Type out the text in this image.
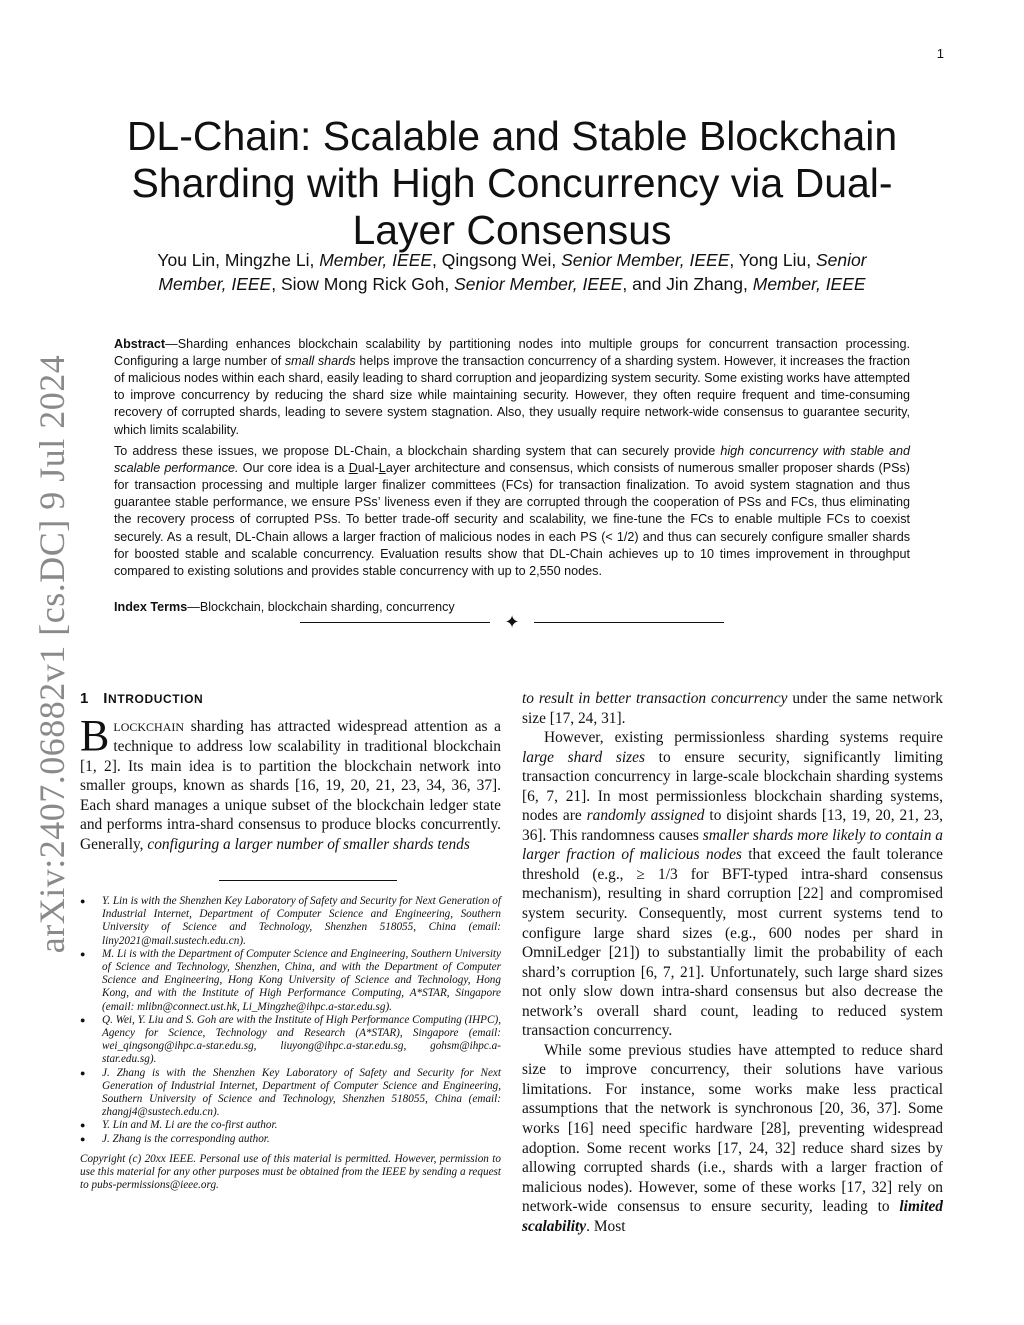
1
arXiv:2407.06882v1 [cs.DC] 9 Jul 2024
DL-Chain: Scalable and Stable Blockchain Sharding with High Concurrency via Dual-Layer Consensus
You Lin, Mingzhe Li, Member, IEEE, Qingsong Wei, Senior Member, IEEE, Yong Liu, Senior Member, IEEE, Siow Mong Rick Goh, Senior Member, IEEE, and Jin Zhang, Member, IEEE

Abstract—Sharding enhances blockchain scalability by partitioning nodes into multiple groups for concurrent transaction processing. Configuring a large number of small shards helps improve the transaction concurrency of a sharding system. However, it increases the fraction of malicious nodes within each shard, easily leading to shard corruption and jeopardizing system security. Some existing works have attempted to improve concurrency by reducing the shard size while maintaining security. However, they often require frequent and time-consuming recovery of corrupted shards, leading to severe system stagnation. Also, they usually require network-wide consensus to guarantee security, which limits scalability.

To address these issues, we propose DL-Chain, a blockchain sharding system that can securely provide high concurrency with stable and scalable performance. Our core idea is a Dual-Layer architecture and consensus, which consists of numerous smaller proposer shards (PSs) for transaction processing and multiple larger finalizer committees (FCs) for transaction finalization. To avoid system stagnation and thus guarantee stable performance, we ensure PSs’ liveness even if they are corrupted through the cooperation of PSs and FCs, thus eliminating the recovery process of corrupted PSs. To better trade-off security and scalability, we fine-tune the FCs to enable multiple FCs to coexist securely. As a result, DL-Chain allows a larger fraction of malicious nodes in each PS (< 1/2) and thus can securely configure smaller shards for boosted stable and scalable concurrency. Evaluation results show that DL-Chain achieves up to 10 times improvement in throughput compared to existing solutions and provides stable concurrency with up to 2,550 nodes.

Index Terms—Blockchain, blockchain sharding, concurrency

✦
1 INTRODUCTION

BLOCKCHAIN sharding has attracted widespread attention as a technique to address low scalability in traditional blockchain [1, 2]. Its main idea is to partition the blockchain network into smaller groups, known as shards [16, 19, 20, 21, 23, 34, 36, 37]. Each shard manages a unique subset of the blockchain ledger state and performs intra-shard consensus to produce blocks concurrently. Generally, configuring a larger number of smaller shards tends

● Y. Lin is with the Shenzhen Key Laboratory of Safety and Security for Next Generation of Industrial Internet, Department of Computer Science and Engineering, Southern University of Science and Technology, Shenzhen 518055, China (email: liny2021@mail.sustech.edu.cn).
● M. Li is with the Department of Computer Science and Engineering, Southern University of Science and Technology, Shenzhen, China, and with the Department of Computer Science and Engineering, Hong Kong University of Science and Technology, Hong Kong, and with the Institute of High Performance Computing, A*STAR, Singapore (email: mlibn@connect.ust.hk, Li_Mingzhe@ihpc.a-star.edu.sg).
● Q. Wei, Y. Liu and S. Goh are with the Institute of High Performance Computing (IHPC), Agency for Science, Technology and Research (A*STAR), Singapore (email: wei_qingsong@ihpc.a-star.edu.sg, liuyong@ihpc.a-star.edu.sg, gohsm@ihpc.a-star.edu.sg).
● J. Zhang is with the Shenzhen Key Laboratory of Safety and Security for Next Generation of Industrial Internet, Department of Computer Science and Engineering, Southern University of Science and Technology, Shenzhen 518055, China (email: zhangj4@sustech.edu.cn).
● Y. Lin and M. Li are the co-first author.
● J. Zhang is the corresponding author.
Copyright (c) 20xx IEEE. Personal use of this material is permitted. However, permission to use this material for any other purposes must be obtained from the IEEE by sending a request to pubs-permissions@ieee.org.

to result in better transaction concurrency under the same network size [17, 24, 31].

However, existing permissionless sharding systems require large shard sizes to ensure security, significantly limiting transaction concurrency in large-scale blockchain sharding systems [6, 7, 21]. In most permissionless blockchain sharding systems, nodes are randomly assigned to disjoint shards [13, 19, 20, 21, 23, 36]. This randomness causes smaller shards more likely to contain a larger fraction of malicious nodes that exceed the fault tolerance threshold (e.g., ≥ 1/3 for BFT-typed intra-shard consensus mechanism), resulting in shard corruption [22] and compromised system security. Consequently, most current systems tend to configure large shard sizes (e.g., 600 nodes per shard in OmniLedger [21]) to substantially limit the probability of each shard’s corruption [6, 7, 21]. Unfortunately, such large shard sizes not only slow down intra-shard consensus but also decrease the network’s overall shard count, leading to reduced system transaction concurrency.

While some previous studies have attempted to reduce shard size to improve concurrency, their solutions have various limitations. For instance, some works make less practical assumptions that the network is synchronous [20, 36, 37]. Some works [16] need specific hardware [28], preventing widespread adoption. Some recent works [17, 24, 32] reduce shard sizes by allowing corrupted shards (i.e., shards with a larger fraction of malicious nodes). However, some of these works [17, 32] rely on network-wide consensus to ensure security, leading to limited scalability. Most
